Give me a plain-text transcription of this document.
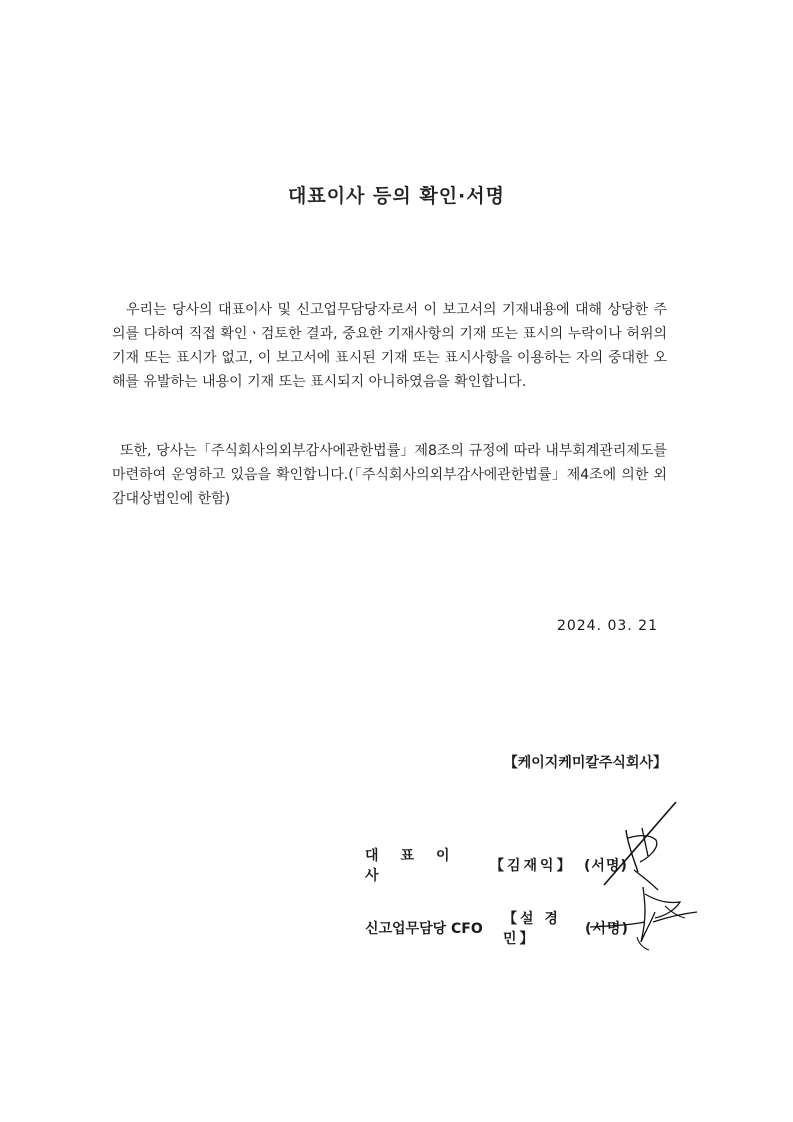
대표이사 등의 확인·서명
우리는 당사의 대표이사 및 신고업무담당자로서 이 보고서의 기재내용에 대해 상당한 주의를 다하여 직접 확인ㆍ검토한 결과, 중요한 기재사항의 기재 또는 표시의 누락이나 허위의 기재 또는 표시가 없고, 이 보고서에 표시된 기재 또는 표시사항을 이용하는 자의 중대한 오해를 유발하는 내용이 기재 또는 표시되지 아니하였음을 확인합니다.
또한, 당사는「주식회사의외부감사에관한법률」제8조의 규정에 따라 내부회계관리제도를 마련하여 운영하고 있음을 확인합니다.(「주식회사의외부감사에관한법률」제4조에 의한 외감대상법인에 한함)
2024. 03. 21
【케이지케미칼주식회사】
대표이사
【김재익】 (서명)
신고업무담당 CFO
【설 경 민】
(서명)
